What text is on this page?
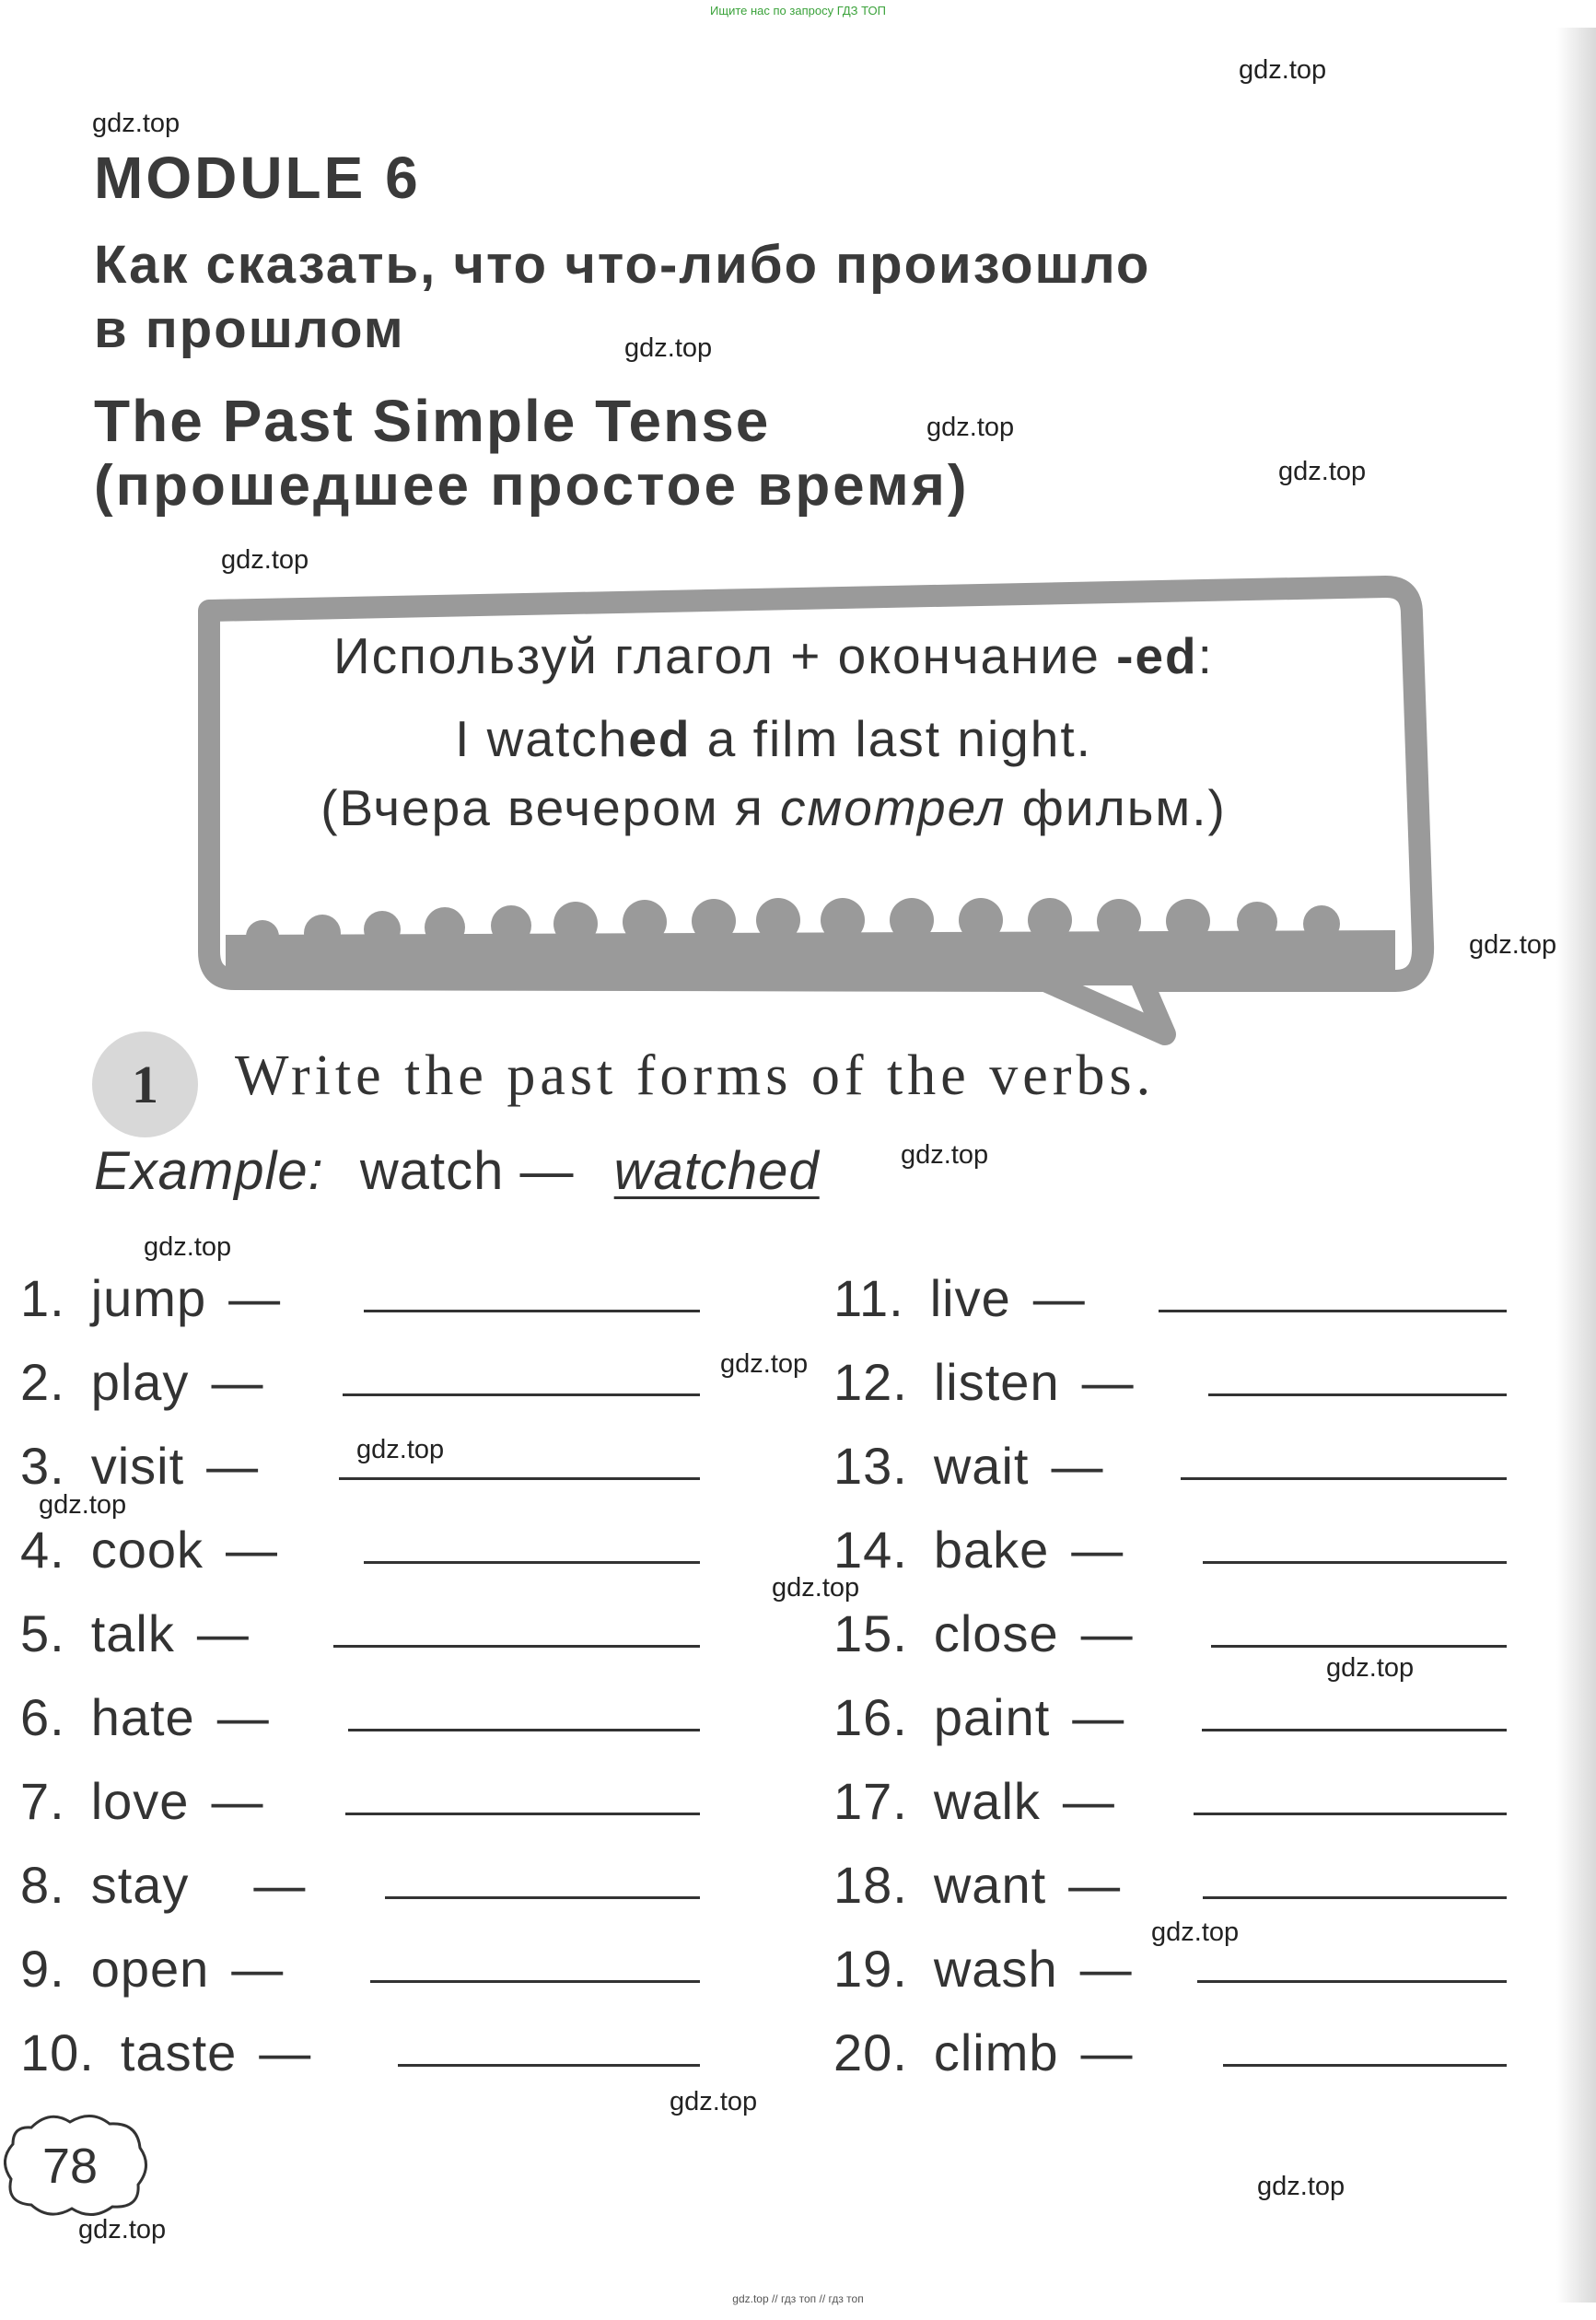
Ищите нас по запросу ГДЗ ТОП
gdz.top
gdz.top
gdz.top
gdz.top
gdz.top
gdz.top
gdz.top
gdz.top
gdz.top
gdz.top
gdz.top
gdz.top
gdz.top
gdz.top
gdz.top
gdz.top
gdz.top
gdz.top
MODULE 6
Как сказать, что что-либо произошло
в прошлом
The Past Simple Tense
(прошедшее простое время)
Используй глагол + окончание -ed:
I watched a film last night.
(Вчера вечером я смотрел фильм.)
1	Write the past forms of the verbs.
Example: watch — watched
1. jump —
2. play —
3. visit —
4. cook —
5. talk —
6. hate —
7. love —
8. stay —
9. open —
10. taste —
11. live —
12. listen —
13. wait —
14. bake —
15. close —
16. paint —
17. walk —
18. want —
19. wash —
20. climb —
78
gdz.top // гдз топ // гдз топ
